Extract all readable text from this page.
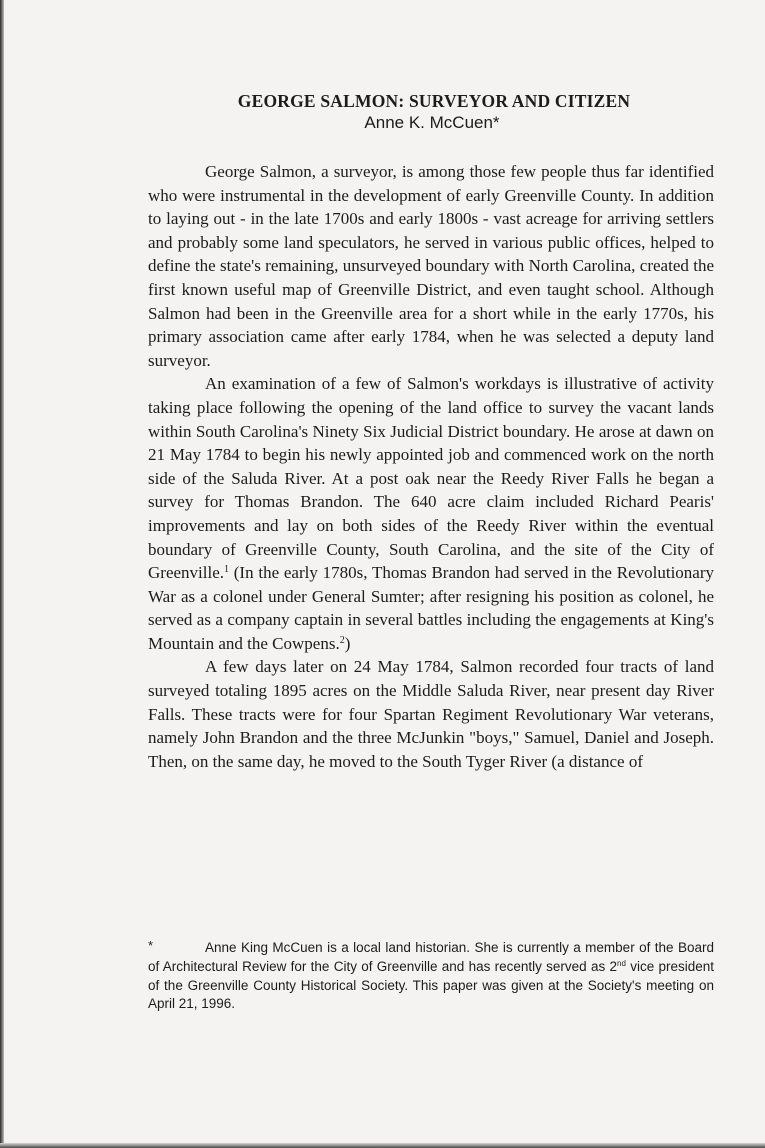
GEORGE SALMON: SURVEYOR AND CITIZEN
Anne K. McCuen*

George Salmon, a surveyor, is among those few people thus far identified who were instrumental in the development of early Greenville County. In addition to laying out - in the late 1700s and early 1800s - vast acreage for arriving settlers and probably some land speculators, he served in various public offices, helped to define the state's remaining, unsurveyed boundary with North Carolina, created the first known useful map of Greenville District, and even taught school. Although Salmon had been in the Greenville area for a short while in the early 1770s, his primary association came after early 1784, when he was selected a deputy land surveyor.

An examination of a few of Salmon's workdays is illustrative of activity taking place following the opening of the land office to survey the vacant lands within South Carolina's Ninety Six Judicial District boundary. He arose at dawn on 21 May 1784 to begin his newly appointed job and commenced work on the north side of the Saluda River. At a post oak near the Reedy River Falls he began a survey for Thomas Brandon. The 640 acre claim included Richard Pearis' improvements and lay on both sides of the Reedy River within the eventual boundary of Greenville County, South Carolina, and the site of the City of Greenville.$^1$ (In the early 1780s, Thomas Brandon had served in the Revolutionary War as a colonel under General Sumter; after resigning his position as colonel, he served as a company captain in several battles including the engagements at King's Mountain and the Cowpens.$^2$)

A few days later on 24 May 1784, Salmon recorded four tracts of land surveyed totaling 1895 acres on the Middle Saluda River, near present day River Falls. These tracts were for four Spartan Regiment Revolutionary War veterans, namely John Brandon and the three McJunkin "boys," Samuel, Daniel and Joseph. Then, on the same day, he moved to the South Tyger River (a distance of

*	Anne King McCuen is a local land historian. She is currently a member of the Board of Architectural Review for the City of Greenville and has recently served as 2nd vice president of the Greenville County Historical Society. This paper was given at the Society's meeting on April 21, 1996.
